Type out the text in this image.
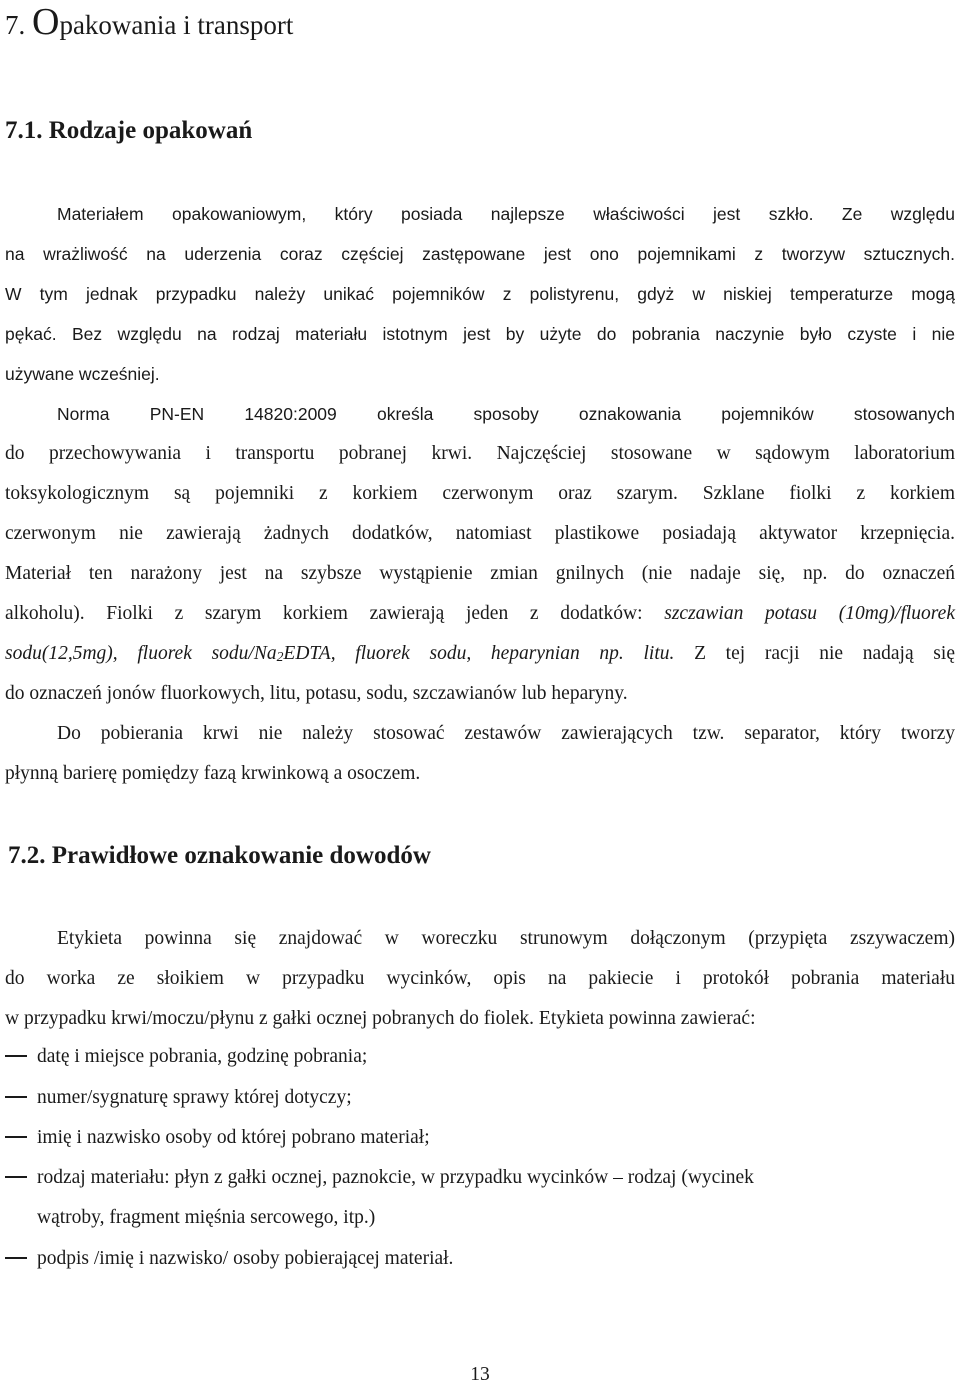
7. Opakowania i transport
7.1. Rodzaje opakowań
Materiałem opakowaniowym, który posiada najlepsze właściwości jest szkło. Ze względu
na wrażliwość na uderzenia coraz częściej zastępowane jest ono pojemnikami z tworzyw sztucznych.
W tym jednak przypadku należy unikać pojemników z polistyrenu, gdyż w niskiej temperaturze mogą
pękać. Bez względu na rodzaj materiału istotnym jest by użyte do pobrania naczynie było czyste i nie
używane wcześniej.
Norma PN-EN 14820:2009 określa sposoby oznakowania pojemników stosowanych
do przechowywania i transportu pobranej krwi. Najczęściej stosowane w sądowym laboratorium
toksykologicznym są pojemniki z korkiem czerwonym oraz szarym. Szklane fiolki z korkiem
czerwonym nie zawierają żadnych dodatków, natomiast plastikowe posiadają aktywator krzepnięcia.
Materiał ten narażony jest na szybsze wystąpienie zmian gnilnych (nie nadaje się, np. do oznaczeń
alkoholu). Fiolki z szarym korkiem zawierają jeden z dodatków: szczawian potasu (10mg)/fluorek
sodu(12,5mg), fluorek sodu/$Na_2EDTA$, fluorek sodu, heparynian np. litu. Z tej racji nie nadają się
do oznaczeń jonów fluorkowych, litu, potasu, sodu, szczawianów lub heparyny.
Do pobierania krwi nie należy stosować zestawów zawierających tzw. separator, który tworzy
płynną barierę pomiędzy fazą krwinkową a osoczem.
7.2. Prawidłowe oznakowanie dowodów
Etykieta powinna się znajdować w woreczku strunowym dołączonym (przypięta zszywaczem)
do worka ze słoikiem w przypadku wycinków, opis na pakiecie i protokół pobrania materiału
w przypadku krwi/moczu/płynu z gałki ocznej pobranych do fiolek. Etykieta powinna zawierać:
datę i miejsce pobrania, godzinę pobrania;
numer/sygnaturę sprawy której dotyczy;
imię i nazwisko osoby od której pobrano materiał;
rodzaj materiału: płyn z gałki ocznej, paznokcie, w przypadku wycinków – rodzaj (wycinek
wątroby, fragment mięśnia sercowego, itp.)
podpis /imię i nazwisko/ osoby pobierającej materiał.
13
